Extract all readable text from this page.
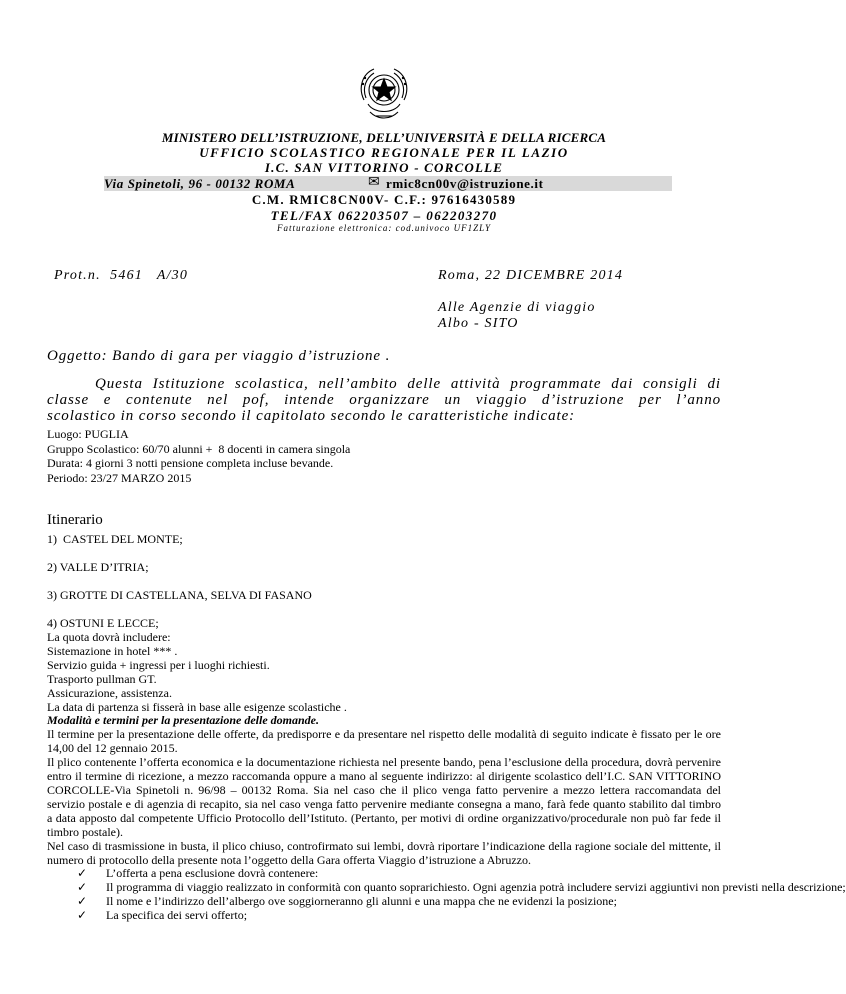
MINISTERO DELL’ISTRUZIONE, DELL’UNIVERSITÀ E DELLA RICERCA
UFFICIO SCOLASTICO REGIONALE PER IL LAZIO
I.C. SAN VITTORINO - CORCOLLE
Via Spinetoli, 96 - 00132 ROMA	✉ rmic8cn00v@istruzione.it
C.M. RMIC8CN00V- C.F.: 97616430589
TEL/FAX 062203507 – 062203270
Fatturazione elettronica: cod.univoco UF1ZLY
Prot.n.  5461   A/30	Roma, 22 DICEMBRE 2014
Alle Agenzie di viaggio
Albo - SITO
Oggetto: Bando di gara per viaggio d’istruzione .

Questa Istituzione scolastica, nell’ambito delle attività programmate dai consigli di

classe e contenute nel pof, intende organizzare un viaggio d’istruzione per l’anno

scolastico in corso secondo il capitolato secondo le caratteristiche indicate:

Luogo: PUGLIA
Gruppo Scolastico: 60/70 alunni +  8 docenti in camera singola
Durata: 4 giorni 3 notti pensione completa incluse bevande.
Periodo: 23/27 MARZO 2015
Itinerario
1)  CASTEL DEL MONTE;
2) VALLE D’ITRIA;
3) GROTTE DI CASTELLANA, SELVA DI FASANO
4) OSTUNI E LECCE;
La quota dovrà includere:
Sistemazione in hotel *** .
Servizio guida + ingressi per i luoghi richiesti.
Trasporto pullman GT.
Assicurazione, assistenza.
La data di partenza si fisserà in base alle esigenze scolastiche .
Modalità e termini per la presentazione delle domande.
Il termine per la presentazione delle offerte, da predisporre e da presentare nel rispetto delle modalità di seguito indicate è fissato per le ore 14,00 del 12 gennaio 2015.
Il plico contenente l’offerta economica e la documentazione richiesta nel presente bando, pena l’esclusione della procedura, dovrà pervenire entro il termine di ricezione, a mezzo raccomanda oppure a mano al seguente indirizzo: al dirigente scolastico dell’I.C. SAN VITTORINO CORCOLLE-Via Spinetoli n. 96/98 – 00132 Roma. Sia nel caso che il plico venga fatto pervenire a mezzo lettera raccomandata del servizio postale e di agenzia di recapito, sia nel caso venga fatto pervenire mediante consegna a mano, farà fede quanto stabilito dal timbro a data apposto dal competente Ufficio Protocollo dell’Istituto. (Pertanto, per motivi di ordine organizzativo/procedurale non può far fede il timbro postale).
Nel caso di trasmissione in busta, il plico chiuso, controfirmato sui lembi, dovrà riportare l’indicazione della ragione sociale del mittente, il numero di protocollo della presente nota l’oggetto della Gara offerta Viaggio d’istruzione a Abruzzo.
✓ L’offerta a pena esclusione dovrà contenere:
✓ Il programma di viaggio realizzato in conformità con quanto soprarichiesto. Ogni agenzia potrà includere servizi aggiuntivi non previsti nella descrizione;
✓ Il nome e l’indirizzo dell’albergo ove soggiorneranno gli alunni e una mappa che ne evidenzi la posizione;
✓ La specifica dei servi offerto;
